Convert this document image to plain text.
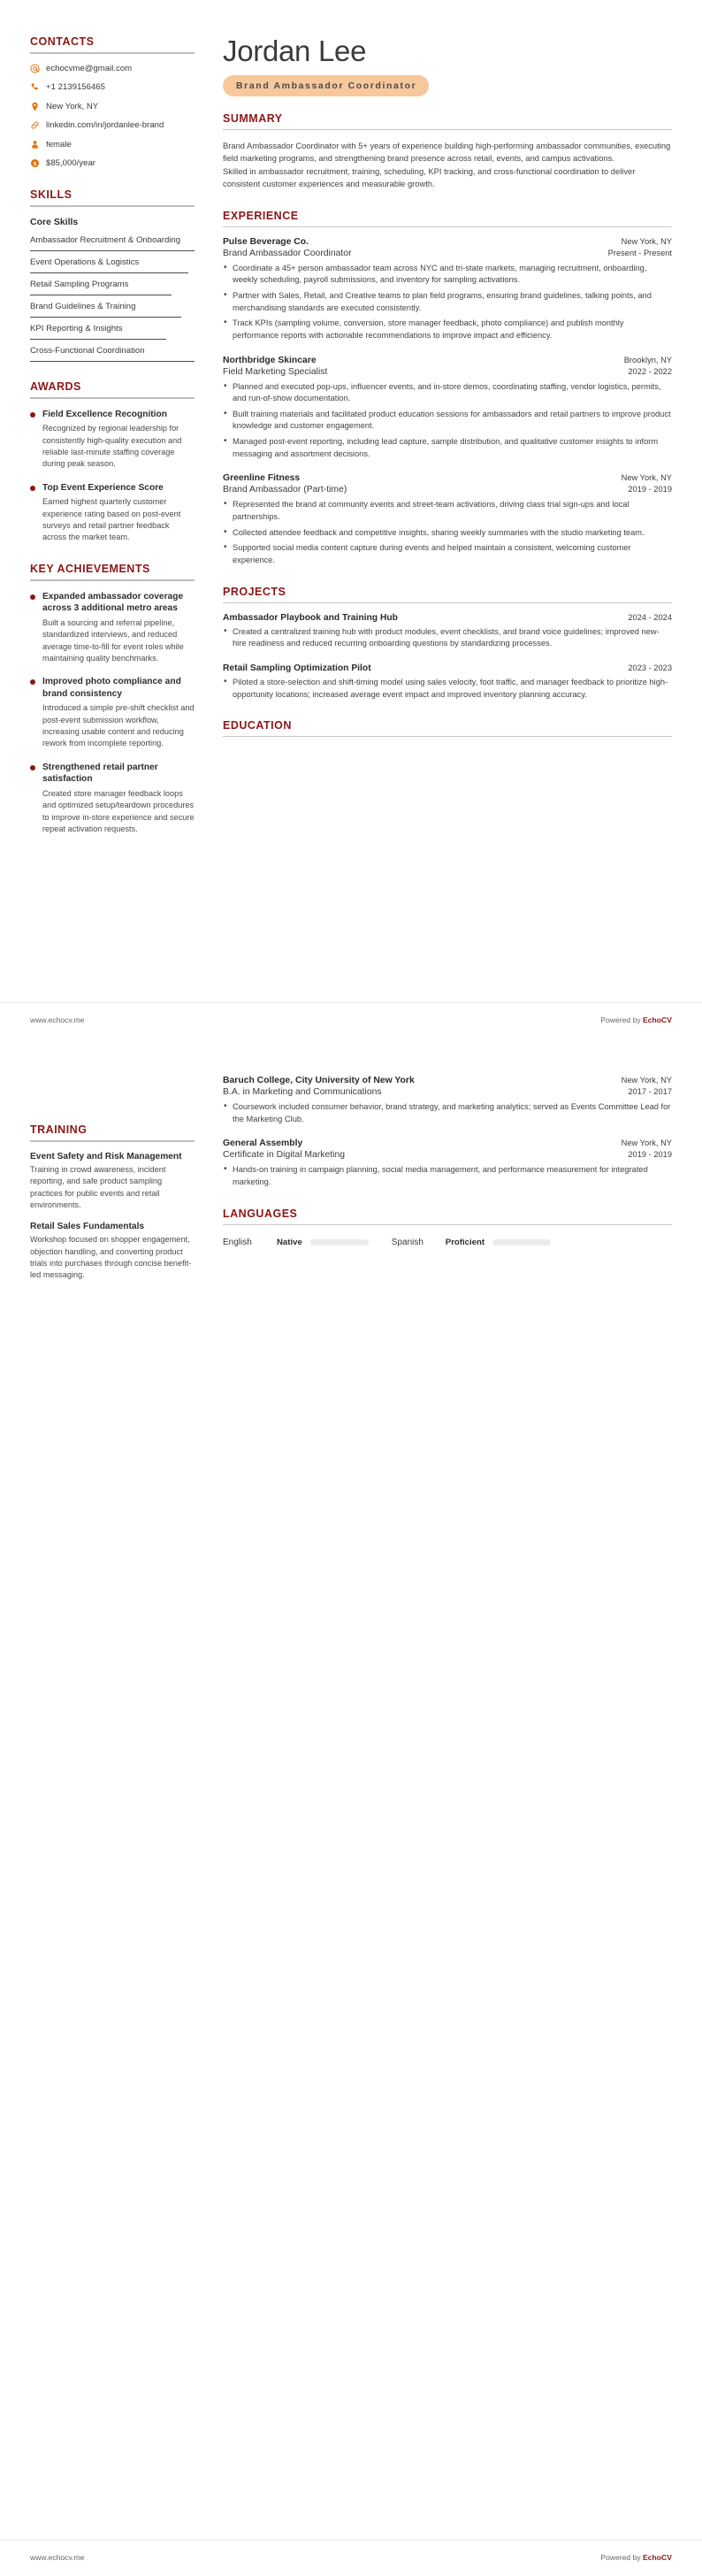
CONTACTS
echocvme@gmail.com
+1 2139156465
New York, NY
linkedin.com/in/jordanlee-brand
female
$ $85,000/year
SKILLS
Core Skills
Ambassador Recruitment & Onboarding
Event Operations & Logistics
Retail Sampling Programs
Brand Guidelines & Training
KPI Reporting & Insights
Cross-Functional Coordination
AWARDS
Field Excellence Recognition
Recognized by regional leadership for consistently high-quality execution and reliable last-minute staffing coverage during peak season.
Top Event Experience Score
Earned highest quarterly customer experience rating based on post-event surveys and retail partner feedback across the market team.
KEY ACHIEVEMENTS
Expanded ambassador coverage across 3 additional metro areas
Built a sourcing and referral pipeline, standardized interviews, and reduced average time-to-fill for event roles while maintaining quality benchmarks.
Improved photo compliance and brand consistency
Introduced a simple pre-shift checklist and post-event submission workflow, increasing usable content and reducing rework from incomplete reporting.
Strengthened retail partner satisfaction
Created store manager feedback loops and optimized setup/teardown procedures to improve in-store experience and secure repeat activation requests.
Jordan Lee
Brand Ambassador Coordinator
SUMMARY
Brand Ambassador Coordinator with 5+ years of experience building high-performing ambassador communities, executing field marketing programs, and strengthening brand presence across retail, events, and campus activations.
Skilled in ambassador recruitment, training, scheduling, KPI tracking, and cross-functional coordination to deliver consistent customer experiences and measurable growth.
EXPERIENCE
Pulse Beverage Co.	New York, NY
Brand Ambassador Coordinator	Present - Present
• Coordinate a 45+ person ambassador team across NYC and tri-state markets, managing recruitment, onboarding, weekly scheduling, payroll submissions, and inventory for sampling activations.
• Partner with Sales, Retail, and Creative teams to plan field programs, ensuring brand guidelines, talking points, and merchandising standards are executed consistently.
• Track KPIs (sampling volume, conversion, store manager feedback, photo compliance) and publish monthly performance reports with actionable recommendations to improve impact and efficiency.
Northbridge Skincare	Brooklyn, NY
Field Marketing Specialist	2022 - 2022
• Planned and executed pop-ups, influencer events, and in-store demos, coordinating staffing, vendor logistics, permits, and run-of-show documentation.
• Built training materials and facilitated product education sessions for ambassadors and retail partners to improve product knowledge and customer engagement.
• Managed post-event reporting, including lead capture, sample distribution, and qualitative customer insights to inform messaging and assortment decisions.
Greenline Fitness	New York, NY
Brand Ambassador (Part-time)	2019 - 2019
• Represented the brand at community events and street-team activations, driving class trial sign-ups and local partnerships.
• Collected attendee feedback and competitive insights, sharing weekly summaries with the studio marketing team.
• Supported social media content capture during events and helped maintain a consistent, welcoming customer experience.
PROJECTS
Ambassador Playbook and Training Hub	2024 - 2024
• Created a centralized training hub with product modules, event checklists, and brand voice guidelines; improved new-hire readiness and reduced recurring onboarding questions by standardizing processes.
Retail Sampling Optimization Pilot	2023 - 2023
• Piloted a store-selection and shift-timing model using sales velocity, foot traffic, and manager feedback to prioritize high-opportunity locations; increased average event impact and improved inventory planning accuracy.
EDUCATION
www.echocv.me	Powered by EchoCV
TRAINING
Event Safety and Risk Management
Training in crowd awareness, incident reporting, and safe product sampling practices for public events and retail environments.
Retail Sales Fundamentals
Workshop focused on shopper engagement, objection handling, and converting product trials into purchases through concise benefit-led messaging.
Baruch College, City University of New York	New York, NY
B.A. in Marketing and Communications	2017 - 2017
• Coursework included consumer behavior, brand strategy, and marketing analytics; served as Events Committee Lead for the Marketing Club.
General Assembly	New York, NY
Certificate in Digital Marketing	2019 - 2019
• Hands-on training in campaign planning, social media management, and performance measurement for integrated marketing.
LANGUAGES
English	Native	Spanish	Proficient
www.echocv.me	Powered by EchoCV
